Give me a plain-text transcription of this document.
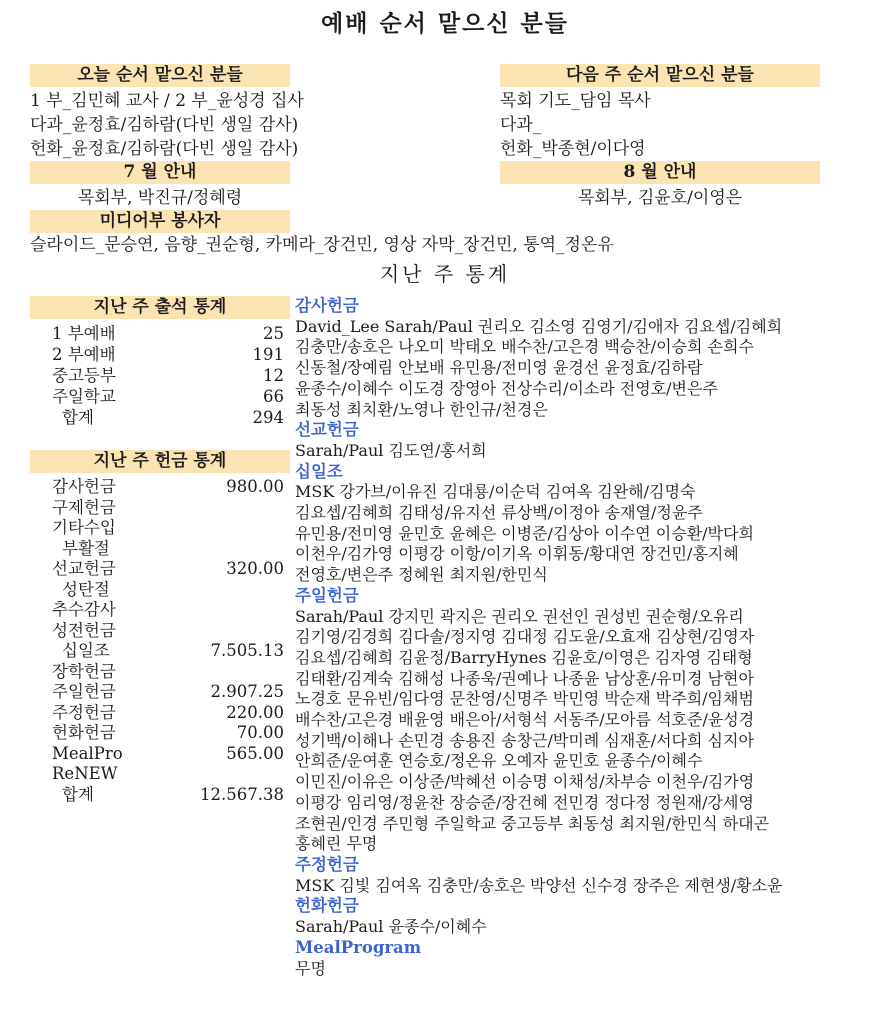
예배 순서 맡으신 분들
오늘 순서 맡으신 분들
1 부_김민혜 교사 / 2 부_윤성경 집사
다과_윤정효/김하람(다빈 생일 감사)
헌화_윤정효/김하람(다빈 생일 감사)
7 월 안내
목회부, 박진규/정혜령
미디어부 봉사자
다음 주 순서 맡으신 분들
목회 기도_담임 목사
다과_
헌화_박종현/이다영
8 월 안내
목회부, 김윤호/이영은
슬라이드_문승연, 음향_권순형, 카메라_장건민, 영상 자막_장건민, 통역_정온유
지난 주 통계
지난 주 출석 통계
1 부예배	25
2 부예배	191
중고등부	12
주일학교	66
합계	294
지난 주 헌금 통계
감사헌금	980.00
구제헌금
기타수입
부활절
선교헌금	320.00
성탄절
추수감사
성전헌금
십일조	7.505.13
장학헌금
주일헌금	2.907.25
주정헌금	220.00
헌화헌금	70.00
MealPro	565.00
ReNEW
합계	12.567.38
감사헌금
David_Lee Sarah/Paul 권리오 김소영 김영기/김애자 김요셉/김혜희
김충만/송호은 나오미 박태오 배수찬/고은경 백승찬/이승희 손희수
신동철/장예림 안보배 유민용/전미영 윤경선 윤정효/김하람
윤종수/이혜수 이도경 장영아 전상수리/이소라 전영호/변은주
최동성 최치환/노영나 한인규/천경은
선교헌금
Sarah/Paul 김도연/홍서희
십일조
MSK 강가브/이유진 김대룡/이순덕 김여옥 김완해/김명숙
김요셉/김혜희 김태성/유지선 류상백/이정아 송재열/정윤주
유민용/전미영 윤민호 윤혜은 이병준/김상아 이수연 이승환/박다희
이천우/김가영 이평강 이항/이기옥 이휘동/황대연 장건민/홍지혜
전영호/변은주 정혜원 최지원/한민식
주일헌금
Sarah/Paul 강지민 곽지은 권리오 권선인 권성빈 권순형/오유리
김기영/김경희 김다솔/정지영 김대정 김도윤/오효재 김상현/김영자
김요셉/김혜희 김윤정/BarryHynes 김윤호/이영은 김자영 김태형
김태환/김계숙 김해성 나종욱/권예나 나종윤 남상훈/유미경 남현아
노경호 문유빈/임다영 문찬영/신명주 박민영 박순재 박주희/임채범
배수찬/고은경 배윤영 배은아/서형석 서동주/모아름 석호준/윤성경
성기백/이해나 손민경 송용진 송창근/박미례 심재훈/서다희 심지아
안희준/운여훈 연승호/정온유 오예자 윤민호 윤종수/이혜수
이민진/이유은 이상준/박혜선 이승명 이채성/차부승 이천우/김가영
이평강 임리영/정윤찬 장승준/장건혜 전민경 정다정 정원재/강세영
조현권/인경 주민형 주일학교 중고등부 최동성 최지원/한민식 하대곤
홍혜린 무명
주정헌금
MSK 김빛 김여옥 김충만/송호은 박양선 신수경 장주은 제현생/황소윤
헌화헌금
Sarah/Paul 윤종수/이혜수
MealProgram
무명
